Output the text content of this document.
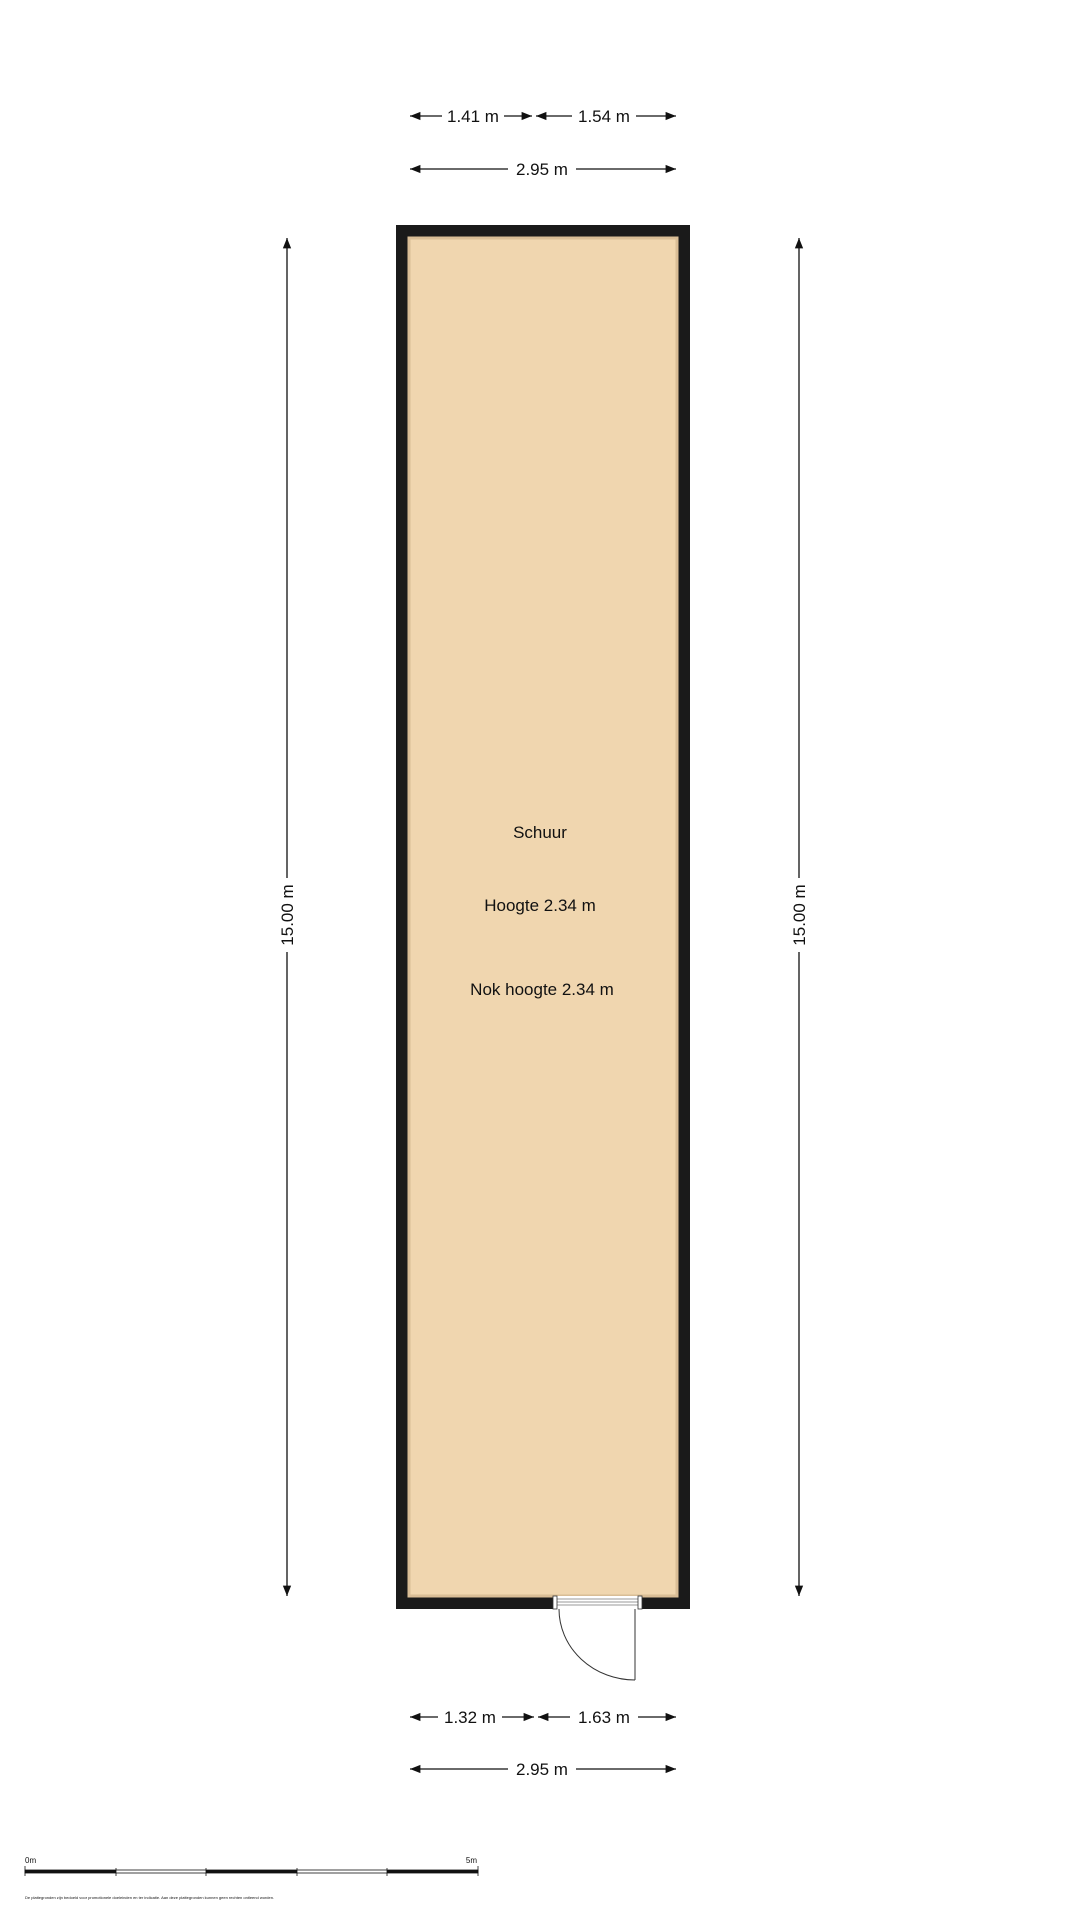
1.41 m	1.54 m
2.95 m
15.00 m	15.00 m
Schuur
Hoogte 2.34 m
Nok hoogte 2.34 m
1.32 m	1.63 m
2.95 m
0m	5m
De plattegronden zijn bedoeld voor promotionele doeleinden en ter indicatie. Aan deze plattegronden kunnen geen rechten ontleend worden.
